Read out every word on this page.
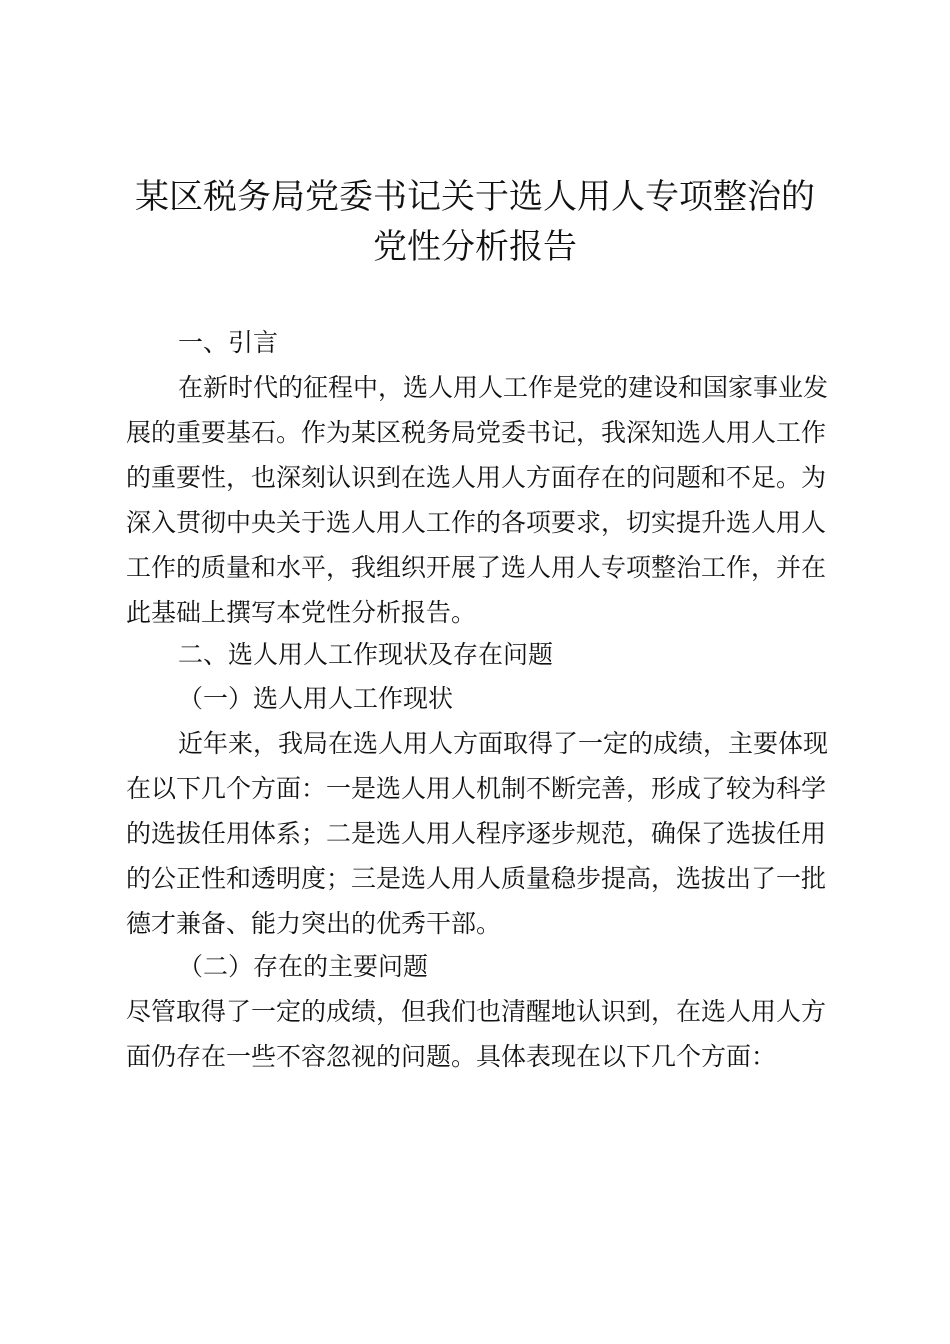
某区税务局党委书记关于选人用人专项整治的
党性分析报告
一、引言
在新时代的征程中，选人用人工作是党的建设和国家事业发展的重要基石。作为某区税务局党委书记，我深知选人用人工作的重要性，也深刻认识到在选人用人方面存在的问题和不足。为深入贯彻中央关于选人用人工作的各项要求，切实提升选人用人工作的质量和水平，我组织开展了选人用人专项整治工作，并在此基础上撰写本党性分析报告。
二、选人用人工作现状及存在问题
（一）选人用人工作现状
近年来，我局在选人用人方面取得了一定的成绩，主要体现在以下几个方面：一是选人用人机制不断完善，形成了较为科学的选拔任用体系；二是选人用人程序逐步规范，确保了选拔任用的公正性和透明度；三是选人用人质量稳步提高，选拔出了一批德才兼备、能力突出的优秀干部。
（二）存在的主要问题
尽管取得了一定的成绩，但我们也清醒地认识到，在选人用人方面仍存在一些不容忽视的问题。具体表现在以下几个方面：
